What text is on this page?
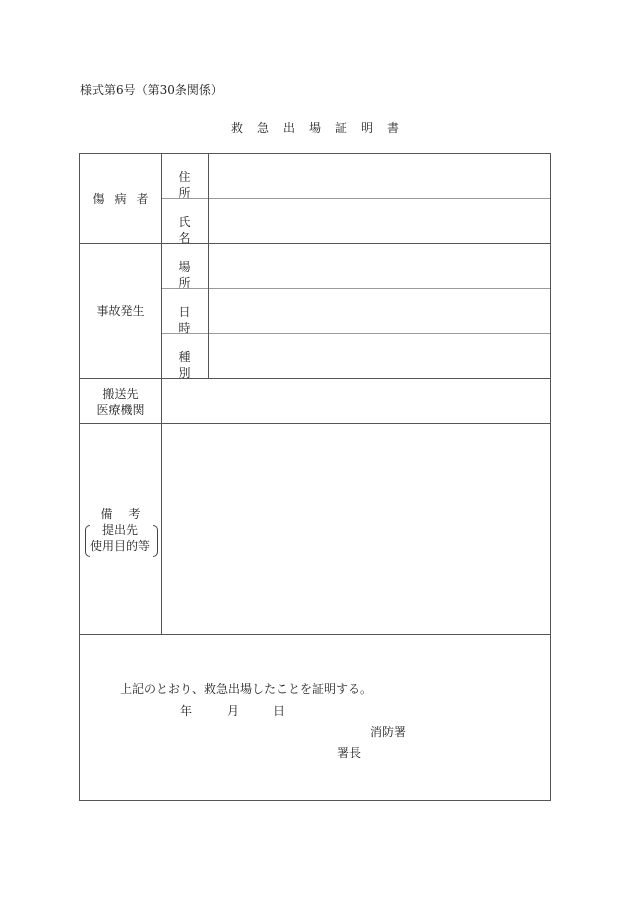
様式第6号（第30条関係）
救急出場証明書
傷病者
住所
氏名
事故発生
場所
日時
種別
搬送先
医療機関
備考
提出先
使用目的等
上記のとおり、救急出場したことを証明する。
年	月	日
消防署
署長
